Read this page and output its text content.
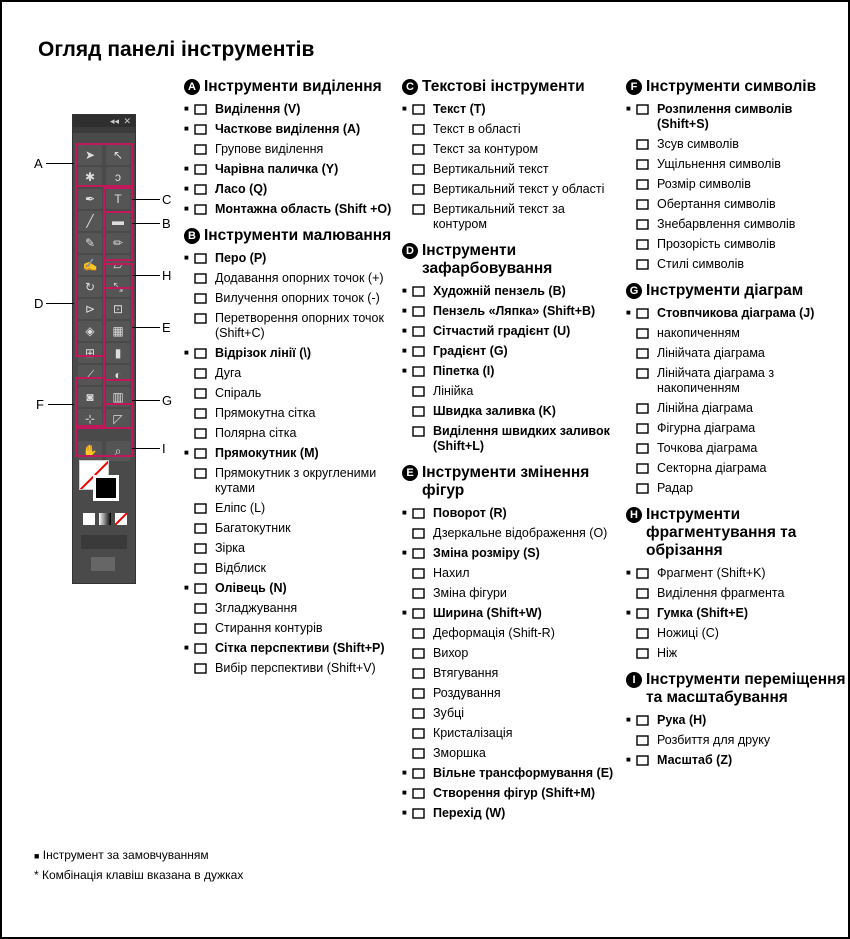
Огляд панелі інструментів
◂◂ ✕
➤	↖
✱	ↄ
✒	T
╱	▬
✎	✏
✍	▱
↻	⤡
⊳	⊡
◈	▦
⊞	▮
⟋	◐
◙	▥
⊹	◸
✋	⌕
A
B
C
D
E
F	G
H
I
A Інструменти виділення
■ Виділення (V)
■ Часткове виділення (A)
Групове виділення
■ Чарівна паличка (Y)
■ Ласо (Q)
■ Монтажна область (Shift +O)
B Інструменти малювання
■ Перо (P)
Додавання опорних точок (+)
Вилучення опорних точок (-)
Перетворення опорних точок (Shift+C)
■ Відрізок лінії (\)
Дуга
Спіраль
Прямокутна сітка
Полярна сітка
■ Прямокутник (M)
Прямокутник з округленими кутами
Еліпс (L)
Багатокутник
Зірка
Відблиск
■ Олівець (N)
Згладжування
Стирання контурів
■ Сітка перспективи (Shift+P)
Вибір перспективи (Shift+V)
C Текстові інструменти
■ Текст (T)
Текст в області
Текст за контуром
Вертикальний текст
Вертикальний текст у області
Вертикальний текст за контуром
D Інструменти зафарбовування
■ Художній пензель (B)
■ Пензель «Ляпка» (Shift+B)
■ Сітчастий градієнт (U)
■ Градієнт (G)
■ Піпетка (I)
Лінійка
Швидка заливка (K)
Виділення швидких заливок (Shift+L)
E Інструменти змінення фігур
■ Поворот (R)
Дзеркальне відображення (O)
■ Зміна розміру (S)
Нахил
Зміна фігури
■ Ширина (Shift+W)
Деформація (Shift-R)
Вихор
Втягування
Роздування
Зубці
Кристалізація
Зморшка
■ Вільне трансформування (E)
■ Створення фігур (Shift+M)
■ Перехід (W)
F Інструменти символів
■ Розпилення символів (Shift+S)
Зсув символів
Ущільнення символів
Розмір символів
Обертання символів
Знебарвлення символів
Прозорість символів
Стилі символів
G Інструменти діаграм
■ Стовпчикова діаграма (J)
накопиченням
Лінійчата діаграма
Лінійчата діаграма з накопиченням
Лінійна діаграма
Фігурна діаграма
Точкова діаграма
Секторна діаграма
Радар
H Інструменти фрагментування та обрізання
■ Фрагмент (Shift+K)
Виділення фрагмента
■ Гумка (Shift+E)
Ножиці (C)
Ніж
I Інструменти переміщення та масштабування
■ Рука (H)
Розбиття для друку
■ Масштаб (Z)
■ Інструмент за замовчуванням
* Комбінація клавіш вказана в дужках
